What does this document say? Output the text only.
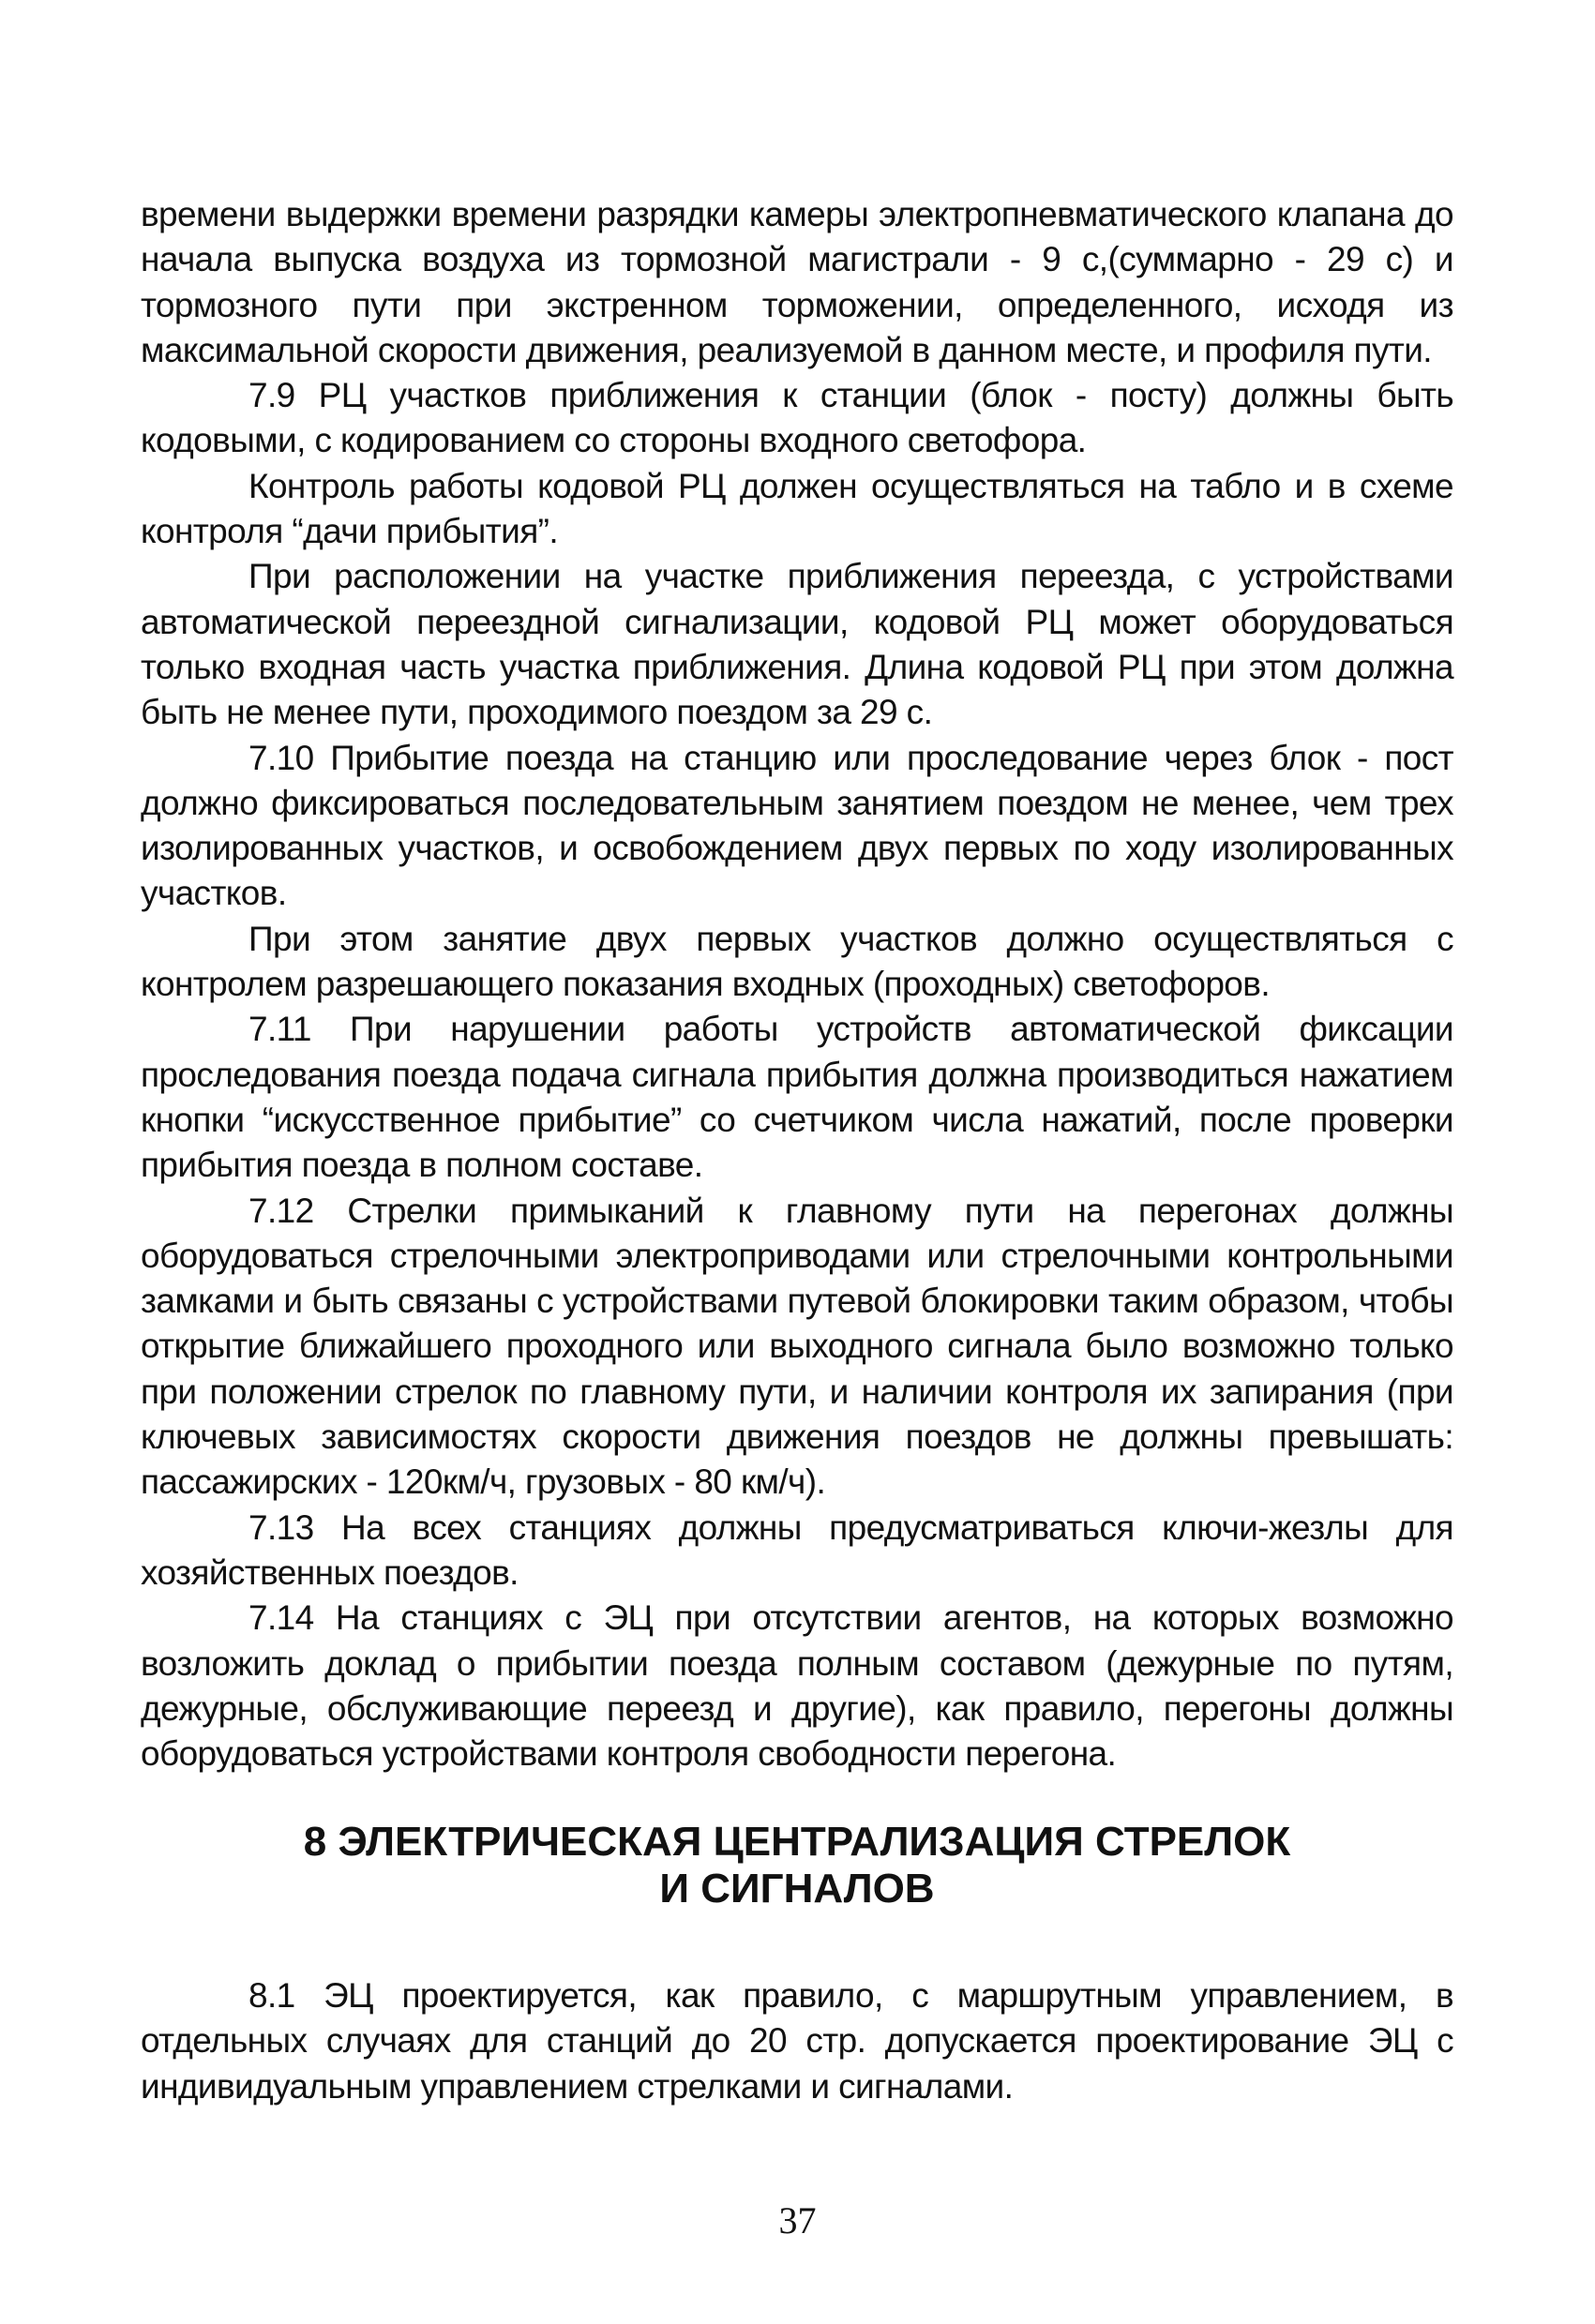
времени выдержки времени разрядки камеры электропневматического клапана до начала выпуска воздуха из тормозной магистрали - 9 с,(суммарно - 29 с) и тормозного пути при экстренном торможении, определенного, исходя из максимальной скорости движения, реализуемой в данном месте, и профиля пути.

7.9 РЦ участков приближения к станции (блок - посту) должны быть кодовыми, с кодированием со стороны входного светофора.

Контроль работы кодовой РЦ должен осуществляться на табло и в схеме контроля “дачи прибытия”.

При расположении на участке приближения переезда, с устройствами автоматической переездной сигнализации, кодовой РЦ может оборудоваться только входная часть участка приближения. Длина кодовой РЦ при этом должна быть не менее пути, проходимого поездом за 29 с.

7.10 Прибытие поезда на станцию или проследование через блок - пост должно фиксироваться последовательным занятием поездом не менее, чем трех изолированных участков, и освобождением двух первых по ходу изолированных участков.

При этом занятие двух первых участков должно осуществляться с контролем разрешающего показания входных (проходных) светофоров.

7.11 При нарушении работы устройств автоматической фиксации проследования поезда подача сигнала прибытия должна производиться нажатием кнопки “искусственное прибытие” со счетчиком числа нажатий, после проверки прибытия поезда в полном составе.

7.12 Стрелки примыканий к главному пути на перегонах должны оборудоваться стрелочными электроприводами или стрелочными контрольными замками и быть связаны с устройствами путевой блокировки таким образом, чтобы открытие ближайшего проходного или выходного сигнала было возможно только при положении стрелок по главному пути, и наличии контроля их запирания (при ключевых зависимостях скорости движения поездов не должны превышать: пассажирских - 120км/ч, грузовых - 80 км/ч).

7.13 На всех станциях должны предусматриваться ключи-жезлы для хозяйственных поездов.

7.14 На станциях с ЭЦ при отсутствии агентов, на которых возможно возложить доклад о прибытии поезда полным составом (дежурные по путям, дежурные, обслуживающие переезд и другие), как правило, перегоны должны оборудоваться устройствами контроля свободности перегона.

8 ЭЛЕКТРИЧЕСКАЯ ЦЕНТРАЛИЗАЦИЯ СТРЕЛОК
И СИГНАЛОВ

8.1 ЭЦ проектируется, как правило, с маршрутным управлением, в отдельных случаях для станций до 20 стр. допускается проектирование ЭЦ с индивидуальным управлением стрелками и сигналами.

37
